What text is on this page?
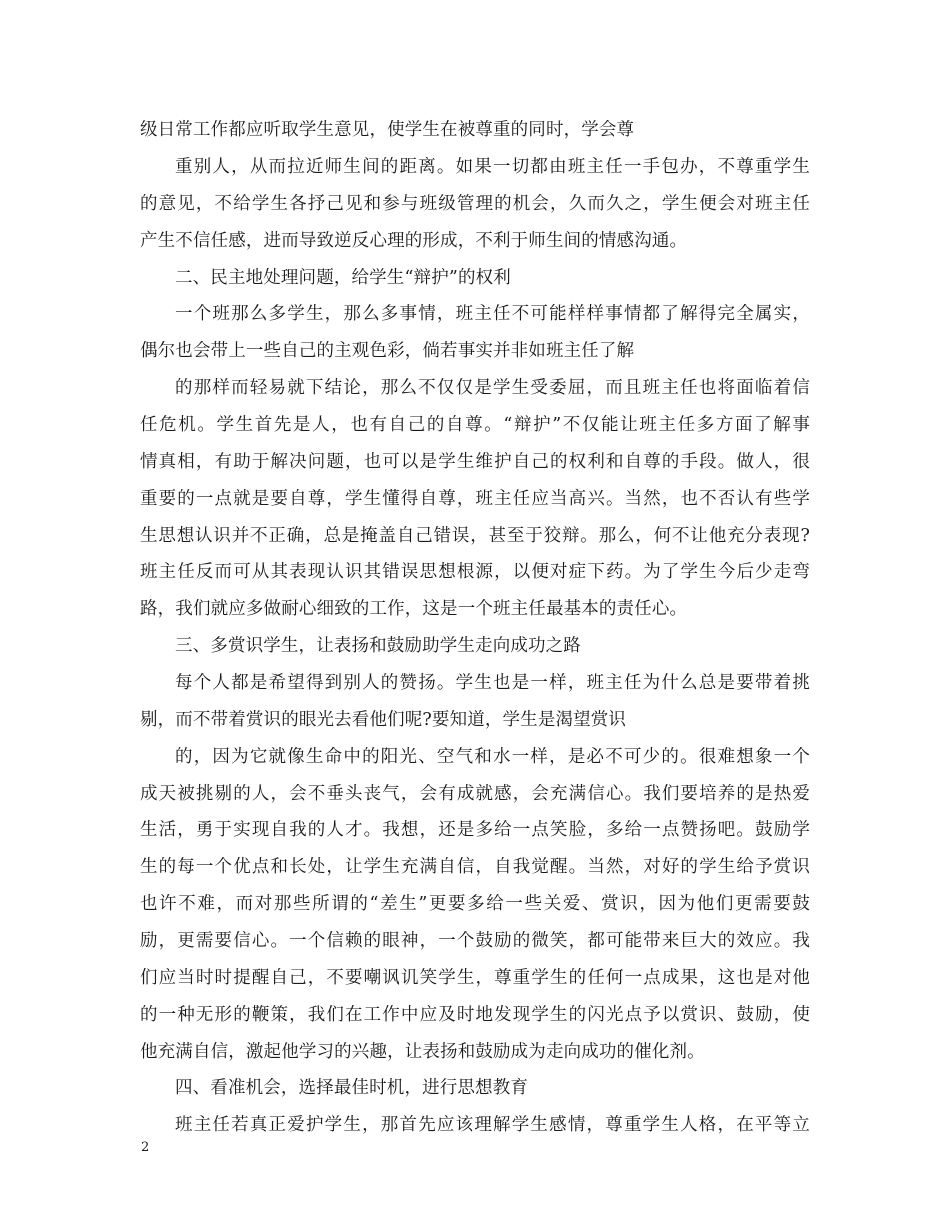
级日常工作都应听取学生意见，使学生在被尊重的同时，学会尊
重别人，从而拉近师生间的距离。如果一切都由班主任一手包办，不尊重学生
的意见，不给学生各抒己见和参与班级管理的机会，久而久之，学生便会对班主任
产生不信任感，进而导致逆反心理的形成，不利于师生间的情感沟通。
二、民主地处理问题，给学生“辩护”的权利
一个班那么多学生，那么多事情，班主任不可能样样事情都了解得完全属实，
偶尔也会带上一些自己的主观色彩，倘若事实并非如班主任了解
的那样而轻易就下结论，那么不仅仅是学生受委屈，而且班主任也将面临着信
任危机。学生首先是人，也有自己的自尊。“辩护”不仅能让班主任多方面了解事
情真相，有助于解决问题，也可以是学生维护自己的权利和自尊的手段。做人，很
重要的一点就是要自尊，学生懂得自尊，班主任应当高兴。当然，也不否认有些学
生思想认识并不正确，总是掩盖自己错误，甚至于狡辩。那么，何不让他充分表现?
班主任反而可从其表现认识其错误思想根源，以便对症下药。为了学生今后少走弯
路，我们就应多做耐心细致的工作，这是一个班主任最基本的责任心。
三、多赏识学生，让表扬和鼓励助学生走向成功之路
每个人都是希望得到别人的赞扬。学生也是一样，班主任为什么总是要带着挑
剔，而不带着赏识的眼光去看他们呢?要知道，学生是渴望赏识
的，因为它就像生命中的阳光、空气和水一样，是必不可少的。很难想象一个
成天被挑剔的人，会不垂头丧气，会有成就感，会充满信心。我们要培养的是热爱
生活，勇于实现自我的人才。我想，还是多给一点笑脸，多给一点赞扬吧。鼓励学
生的每一个优点和长处，让学生充满自信，自我觉醒。当然，对好的学生给予赏识
也许不难，而对那些所谓的“差生”更要多给一些关爱、赏识，因为他们更需要鼓
励，更需要信心。一个信赖的眼神，一个鼓励的微笑，都可能带来巨大的效应。我
们应当时时提醒自己，不要嘲讽讥笑学生，尊重学生的任何一点成果，这也是对他
的一种无形的鞭策，我们在工作中应及时地发现学生的闪光点予以赏识、鼓励，使
他充满自信，激起他学习的兴趣，让表扬和鼓励成为走向成功的催化剂。
四、看准机会，选择最佳时机，进行思想教育
班主任若真正爱护学生，那首先应该理解学生感情，尊重学生人格，在平等立
2
